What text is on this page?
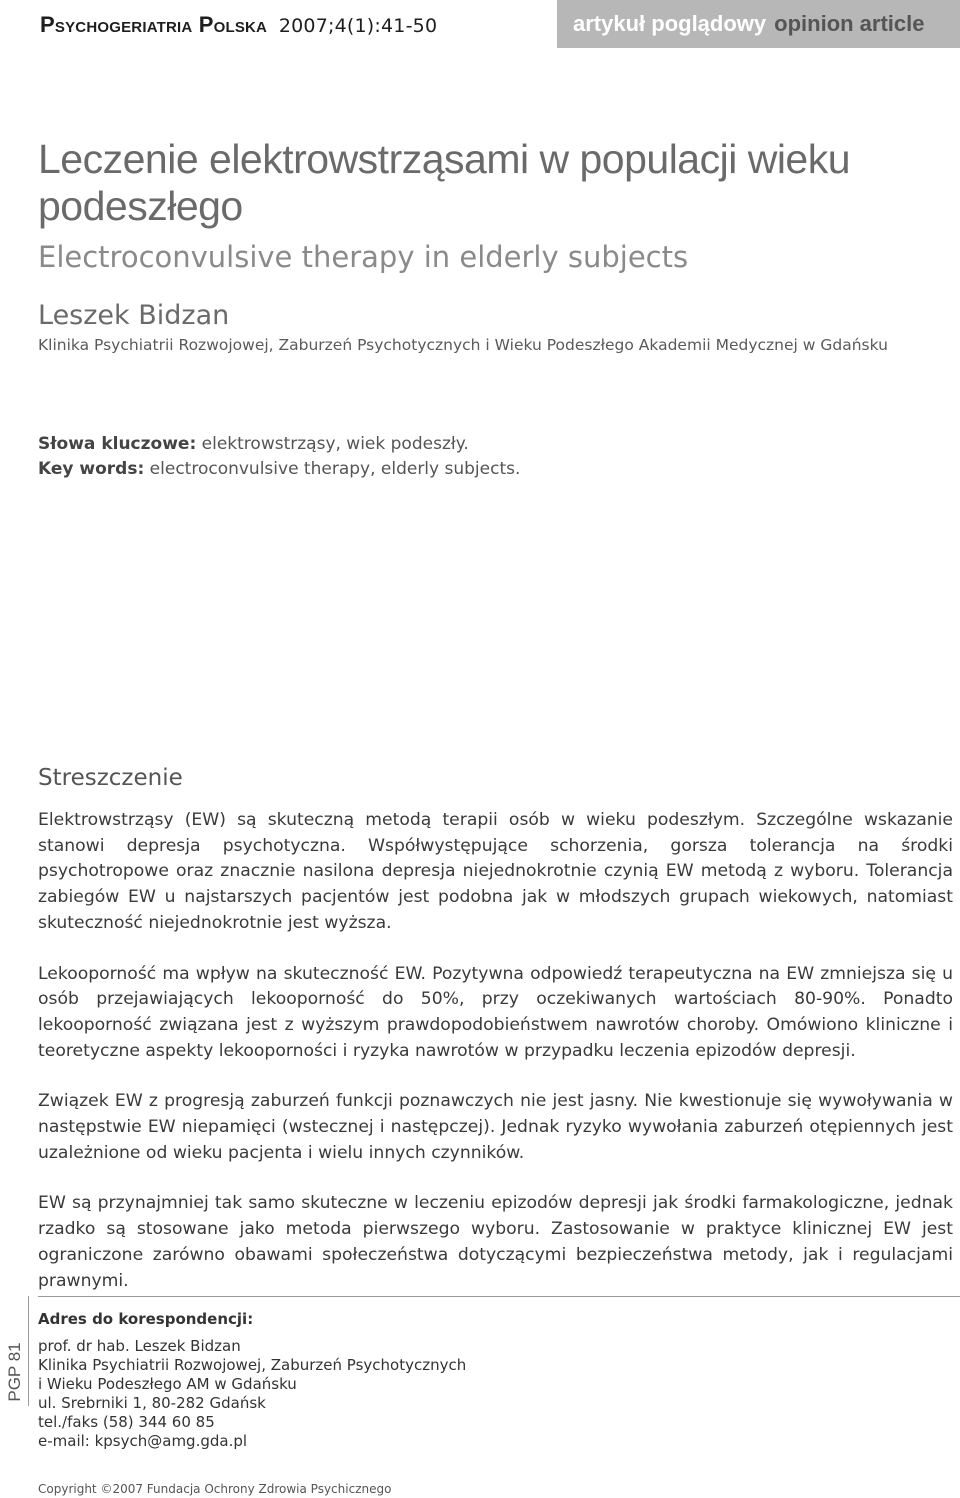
Psychogeriatria Polska 2007;4(1):41-50	artykuł poglądowy opinion article
Leczenie elektrowstrząsami w populacji wieku podeszłego
Electroconvulsive therapy in elderly subjects
Leszek Bidzan
Klinika Psychiatrii Rozwojowej, Zaburzeń Psychotycznych i Wieku Podeszłego Akademii Medycznej w Gdańsku
Słowa kluczowe: elektrowstrząsy, wiek podeszły.
Key words: electroconvulsive therapy, elderly subjects.
Streszczenie

Elektrowstrząsy (EW) są skuteczną metodą terapii osób w wieku podeszłym. Szczególne wskazanie stanowi depresja psychotyczna. Współwystępujące schorzenia, gorsza tolerancja na środki psychotropowe oraz znacznie nasilona depresja niejednokrotnie czynią EW metodą z wyboru. Tolerancja zabiegów EW u najstarszych pacjentów jest podobna jak w młodszych grupach wiekowych, natomiast skuteczność niejednokrotnie jest wyższa.

Lekooporność ma wpływ na skuteczność EW. Pozytywna odpowiedź terapeutyczna na EW zmniejsza się u osób przejawiających lekooporność do 50%, przy oczekiwanych wartościach 80-90%. Ponadto lekooporność związana jest z wyższym prawdopodobieństwem nawrotów choroby. Omówiono kliniczne i teoretyczne aspekty lekooporności i ryzyka nawrotów w przypadku leczenia epizodów depresji.

Związek EW z progresją zaburzeń funkcji poznawczych nie jest jasny. Nie kwestionuje się wywoływania w następstwie EW niepamięci (wstecznej i następczej). Jednak ryzyko wywołania zaburzeń otępiennych jest uzależnione od wieku pacjenta i wielu innych czynników.

EW są przynajmniej tak samo skuteczne w leczeniu epizodów depresji jak środki farmakologiczne, jednak rzadko są stosowane jako metoda pierwszego wyboru. Zastosowanie w praktyce klinicznej EW jest ograniczone zarówno obawami społeczeństwa dotyczącymi bezpieczeństwa metody, jak i regulacjami prawnymi.

PGP 81
Adres do korespondencji:
prof. dr hab. Leszek Bidzan
Klinika Psychiatrii Rozwojowej, Zaburzeń Psychotycznych
i Wieku Podeszłego AM w Gdańsku
ul. Srebrniki 1, 80-282 Gdańsk
tel./faks (58) 344 60 85
e-mail: kpsych@amg.gda.pl
Copyright ©2007 Fundacja Ochrony Zdrowia Psychicznego
